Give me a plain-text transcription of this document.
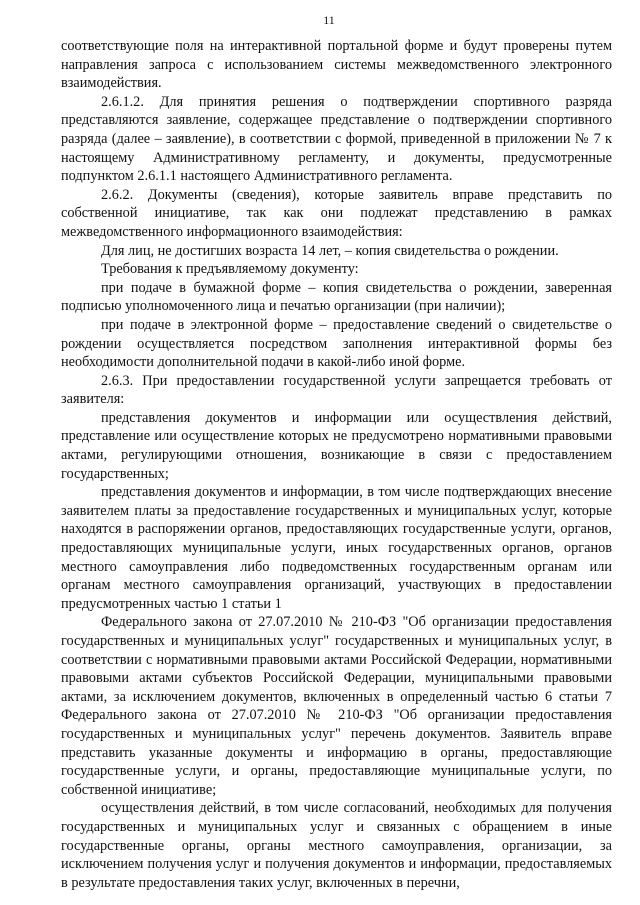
11

соответствующие поля на интерактивной портальной форме и будут проверены путем направления запроса с использованием системы межведомственного электронного взаимодействия.

2.6.1.2. Для принятия решения о подтверждении спортивного разряда представляются заявление, содержащее представление о подтверждении спортивного разряда (далее – заявление), в соответствии с формой, приведенной в приложении № 7 к настоящему Административному регламенту, и документы, предусмотренные подпунктом 2.6.1.1 настоящего Административного регламента.

2.6.2. Документы (сведения), которые заявитель вправе представить по собственной инициативе, так как они подлежат представлению в рамках межведомственного информационного взаимодействия:

Для лиц, не достигших возраста 14 лет, – копия свидетельства о рождении.

Требования к предъявляемому документу:

при подаче в бумажной форме – копия свидетельства о рождении, заверенная подписью уполномоченного лица и печатью организации (при наличии);

при подаче в электронной форме – предоставление сведений о свидетельстве о рождении осуществляется посредством заполнения интерактивной формы без необходимости дополнительной подачи в какой-либо иной форме.

2.6.3. При предоставлении государственной услуги запрещается требовать от заявителя:

представления документов и информации или осуществления действий, представление или осуществление которых не предусмотрено нормативными правовыми актами, регулирующими отношения, возникающие в связи с предоставлением государственных;

представления документов и информации, в том числе подтверждающих внесение заявителем платы за предоставление государственных и муниципальных услуг, которые находятся в распоряжении органов, предоставляющих государственные услуги, органов, предоставляющих муниципальные услуги, иных государственных органов, органов местного самоуправления либо подведомственных государственным органам или органам местного самоуправления организаций, участвующих в предоставлении предусмотренных частью 1 статьи 1

Федерального закона от 27.07.2010 № 210-ФЗ "Об организации предоставления государственных и муниципальных услуг" государственных и муниципальных услуг, в соответствии с нормативными правовыми актами Российской Федерации, нормативными правовыми актами субъектов Российской Федерации, муниципальными правовыми актами, за исключением документов, включенных в определенный частью 6 статьи 7 Федерального закона от 27.07.2010 № 210-ФЗ "Об организации предоставления государственных и муниципальных услуг" перечень документов. Заявитель вправе представить указанные документы и информацию в органы, предоставляющие государственные услуги, и органы, предоставляющие муниципальные услуги, по собственной инициативе;

осуществления действий, в том числе согласований, необходимых для получения государственных и муниципальных услуг и связанных с обращением в иные государственные органы, органы местного самоуправления, организации, за исключением получения услуг и получения документов и информации, предоставляемых в результате предоставления таких услуг, включенных в перечни,
